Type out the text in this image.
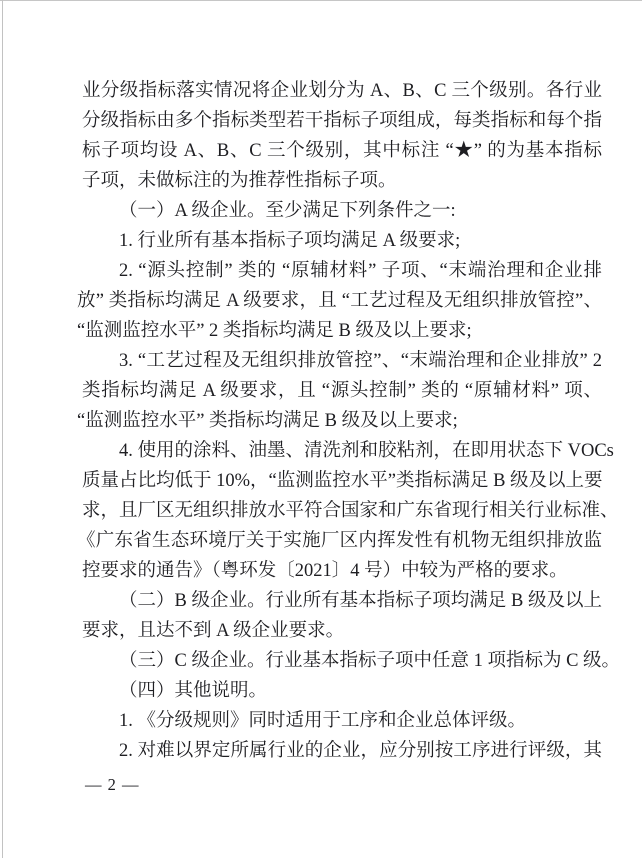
业分级指标落实情况将企业划分为 A、B、C 三个级别。各行业
分级指标由多个指标类型若干指标子项组成，每类指标和每个指
标子项均设 A、B、C 三个级别，其中标注 “★” 的为基本指标
子项，未做标注的为推荐性指标子项。
（一）A 级企业。至少满足下列条件之一:
1. 行业所有基本指标子项均满足 A 级要求;
2. “源头控制” 类的 “原辅材料” 子项、“末端治理和企业排
放” 类指标均满足 A 级要求，且 “工艺过程及无组织排放管控”、
“监测监控水平” 2 类指标均满足 B 级及以上要求;
3. “工艺过程及无组织排放管控”、“末端治理和企业排放” 2
类指标均满足 A 级要求，且 “源头控制” 类的 “原辅材料” 项、
“监测监控水平” 类指标均满足 B 级及以上要求;
4. 使用的涂料、油墨、清洗剂和胶粘剂，在即用状态下 VOCs
质量占比均低于 10%，“监测监控水平”类指标满足 B 级及以上要
求，且厂区无组织排放水平符合国家和广东省现行相关行业标准、
《广东省生态环境厅关于实施厂区内挥发性有机物无组织排放监
控要求的通告》（粤环发〔2021〕4 号）中较为严格的要求。
（二）B 级企业。行业所有基本指标子项均满足 B 级及以上
要求，且达不到 A 级企业要求。
（三）C 级企业。行业基本指标子项中任意 1 项指标为 C 级。
（四）其他说明。
1. 《分级规则》同时适用于工序和企业总体评级。
2. 对难以界定所属行业的企业，应分别按工序进行评级，其
— 2 —
